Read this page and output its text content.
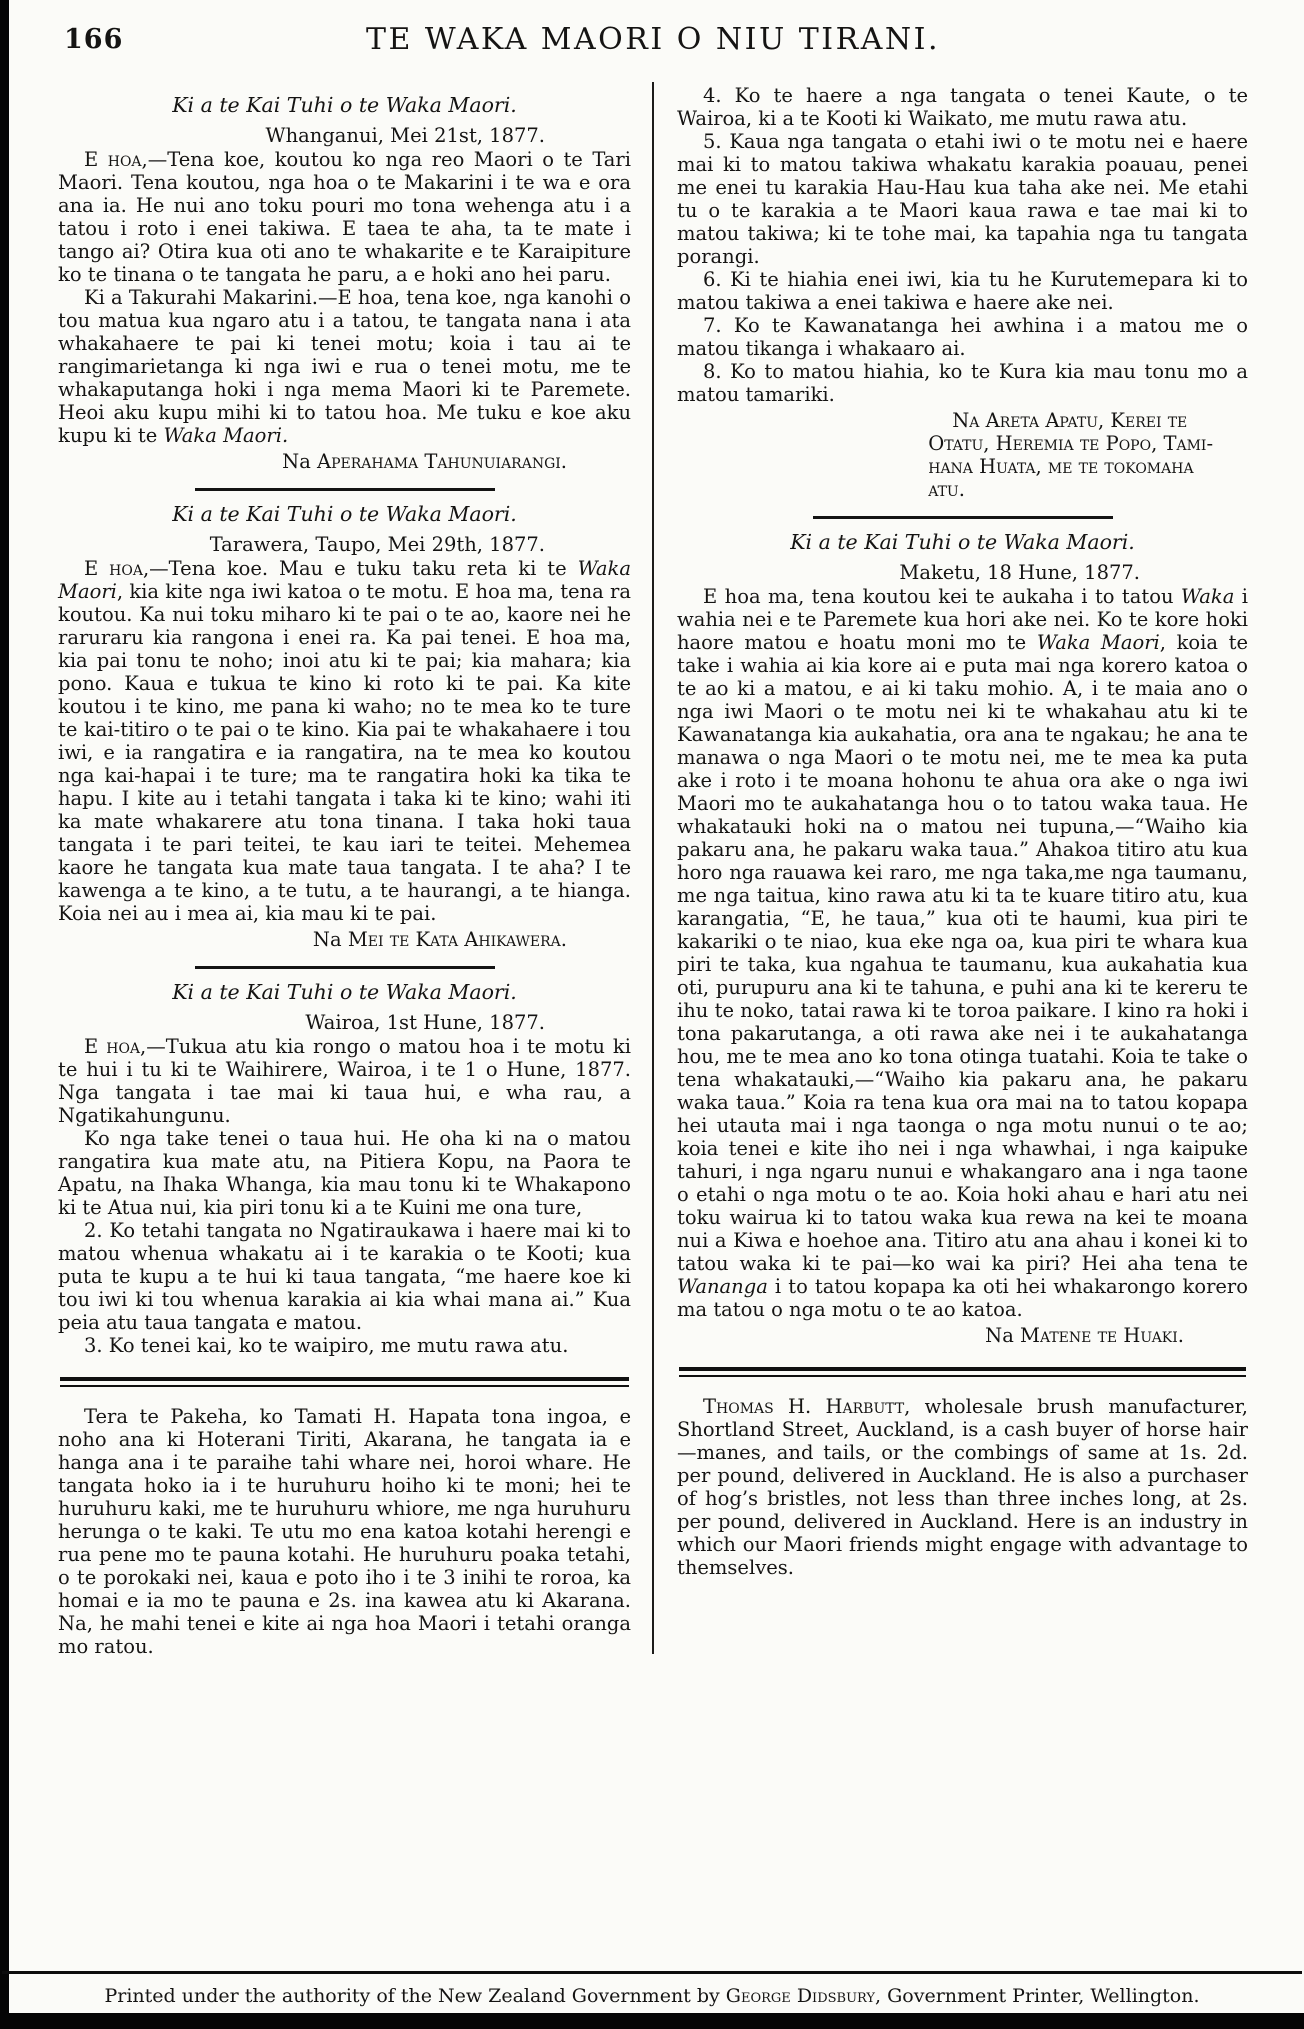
166	TE WAKA MAORI O NIU TIRANI.
Ki a te Kai Tuhi o te Waka Maori.
Whanganui, Mei 21st, 1877.

E hoa,—Tena koe, koutou ko nga reo Maori o te Tari Maori. Tena koutou, nga hoa o te Makarini i te wa e ora ana ia. He nui ano toku pouri mo tona wehenga atu i a tatou i roto i enei takiwa. E taea te aha, ta te mate i tango ai? Otira kua oti ano te whakarite e te Karaipiture ko te tinana o te tangata he paru, a e hoki ano hei paru.

Ki a Takurahi Makarini.—E hoa, tena koe, nga kanohi o tou matua kua ngaro atu i a tatou, te tangata nana i ata whakahaere te pai ki tenei motu; koia i tau ai te rangimarietanga ki nga iwi e rua o tenei motu, me te whakaputanga hoki i nga mema Maori ki te Paremete. Heoi aku kupu mihi ki to tatou hoa. Me tuku e koe aku kupu ki te Waka Maori.

Na Aperahama Tahunuiarangi.
Ki a te Kai Tuhi o te Waka Maori.
Tarawera, Taupo, Mei 29th, 1877.

E hoa,—Tena koe. Mau e tuku taku reta ki te Waka Maori, kia kite nga iwi katoa o te motu. E hoa ma, tena ra koutou. Ka nui toku miharo ki te pai o te ao, kaore nei he raruraru kia rangona i enei ra. Ka pai tenei. E hoa ma, kia pai tonu te noho; inoi atu ki te pai; kia mahara; kia pono. Kaua e tukua te kino ki roto ki te pai. Ka kite koutou i te kino, me pana ki waho; no te mea ko te ture te kai-titiro o te pai o te kino. Kia pai te whakahaere i tou iwi, e ia rangatira e ia rangatira, na te mea ko koutou nga kai-hapai i te ture; ma te rangatira hoki ka tika te hapu. I kite au i tetahi tangata i taka ki te kino; wahi iti ka mate whakarere atu tona tinana. I taka hoki taua tangata i te pari teitei, te kau iari te teitei. Mehemea kaore he tangata kua mate taua tangata. I te aha? I te kawenga a te kino, a te tutu, a te haurangi, a te hianga. Koia nei au i mea ai, kia mau ki te pai.

Na Mei te Kata Ahikawera.
Ki a te Kai Tuhi o te Waka Maori.
Wairoa, 1st Hune, 1877.

E hoa,—Tukua atu kia rongo o matou hoa i te motu ki te hui i tu ki te Waihirere, Wairoa, i te 1 o Hune, 1877. Nga tangata i tae mai ki taua hui, e wha rau, a Ngatikahungunu.

Ko nga take tenei o taua hui. He oha ki na o matou rangatira kua mate atu, na Pitiera Kopu, na Paora te Apatu, na Ihaka Whanga, kia mau tonu ki te Whakapono ki te Atua nui, kia piri tonu ki a te Kuini me ona ture,

2. Ko tetahi tangata no Ngatiraukawa i haere mai ki to matou whenua whakatu ai i te karakia o te Kooti; kua puta te kupu a te hui ki taua tangata, “me haere koe ki tou iwi ki tou whenua karakia ai kia whai mana ai.” Kua peia atu taua tangata e matou.

3. Ko tenei kai, ko te waipiro, me mutu rawa atu.

Tera te Pakeha, ko Tamati H. Hapata tona ingoa, e noho ana ki Hoterani Tiriti, Akarana, he tangata ia e hanga ana i te paraihe tahi whare nei, horoi whare. He tangata hoko ia i te huruhuru hoiho ki te moni; hei te huruhuru kaki, me te huruhuru whiore, me nga huruhuru herunga o te kaki. Te utu mo ena katoa kotahi herengi e rua pene mo te pauna kotahi. He huruhuru poaka tetahi, o te porokaki nei, kaua e poto iho i te 3 inihi te roroa, ka homai e ia mo te pauna e 2s. ina kawea atu ki Akarana. Na, he mahi tenei e kite ai nga hoa Maori i tetahi oranga mo ratou.

4. Ko te haere a nga tangata o tenei Kaute, o te Wairoa, ki a te Kooti ki Waikato, me mutu rawa atu.

5. Kaua nga tangata o etahi iwi o te motu nei e haere mai ki to matou takiwa whakatu karakia poauau, penei me enei tu karakia Hau-Hau kua taha ake nei. Me etahi tu o te karakia a te Maori kaua rawa e tae mai ki to matou takiwa; ki te tohe mai, ka tapahia nga tu tangata porangi.

6. Ki te hiahia enei iwi, kia tu he Kurutemepara ki to matou takiwa a enei takiwa e haere ake nei.

7. Ko te Kawanatanga hei awhina i a matou me o matou tikanga i whakaaro ai.

8. Ko to matou hiahia, ko te Kura kia mau tonu mo a matou tamariki.

Na Areta Apatu, Kerei te
Otatu, Heremia te Popo, Tami-
hana Huata, me te tokomaha
atu.
Ki a te Kai Tuhi o te Waka Maori.
Maketu, 18 Hune, 1877.

E hoa ma, tena koutou kei te aukaha i to tatou Waka i wahia nei e te Paremete kua hori ake nei. Ko te kore hoki haore matou e hoatu moni mo te Waka Maori, koia te take i wahia ai kia kore ai e puta mai nga korero katoa o te ao ki a matou, e ai ki taku mohio. A, i te maia ano o nga iwi Maori o te motu nei ki te whakahau atu ki te Kawanatanga kia aukahatia, ora ana te ngakau; he ana te manawa o nga Maori o te motu nei, me te mea ka puta ake i roto i te moana hohonu te ahua ora ake o nga iwi Maori mo te aukahatanga hou o to tatou waka taua. He whakatauki hoki na o matou nei tupuna,—“Waiho kia pakaru ana, he pakaru waka taua.” Ahakoa titiro atu kua horo nga rauawa kei raro, me nga taka,me nga taumanu, me nga taitua, kino rawa atu ki ta te kuare titiro atu, kua karangatia, “E, he taua,” kua oti te haumi, kua piri te kakariki o te niao, kua eke nga oa, kua piri te whara kua piri te taka, kua ngahua te taumanu, kua aukahatia kua oti, purupuru ana ki te tahuna, e puhi ana ki te kereru te ihu te noko, tatai rawa ki te toroa paikare. I kino ra hoki i tona pakarutanga, a oti rawa ake nei i te aukahatanga hou, me te mea ano ko tona otinga tuatahi. Koia te take o tena whakatauki,—“Waiho kia pakaru ana, he pakaru waka taua.” Koia ra tena kua ora mai na to tatou kopapa hei utauta mai i nga taonga o nga motu nunui o te ao; koia tenei e kite iho nei i nga whawhai, i nga kaipuke tahuri, i nga ngaru nunui e whakangaro ana i nga taone o etahi o nga motu o te ao. Koia hoki ahau e hari atu nei toku wairua ki to tatou waka kua rewa na kei te moana nui a Kiwa e hoehoe ana. Titiro atu ana ahau i konei ki to tatou waka ki te pai—ko wai ka piri? Hei aha tena te Wananga i to tatou kopapa ka oti hei whakarongo korero ma tatou o nga motu o te ao katoa.

Na Matene te Huaki.

Thomas H. Harbutt, wholesale brush manufacturer, Shortland Street, Auckland, is a cash buyer of horse hair—manes, and tails, or the combings of same at 1s. 2d. per pound, delivered in Auckland. He is also a purchaser of hog’s bristles, not less than three inches long, at 2s. per pound, delivered in Auckland. Here is an industry in which our Maori friends might engage with advantage to themselves.

Printed under the authority of the New Zealand Government by George Didsbury, Government Printer, Wellington.
